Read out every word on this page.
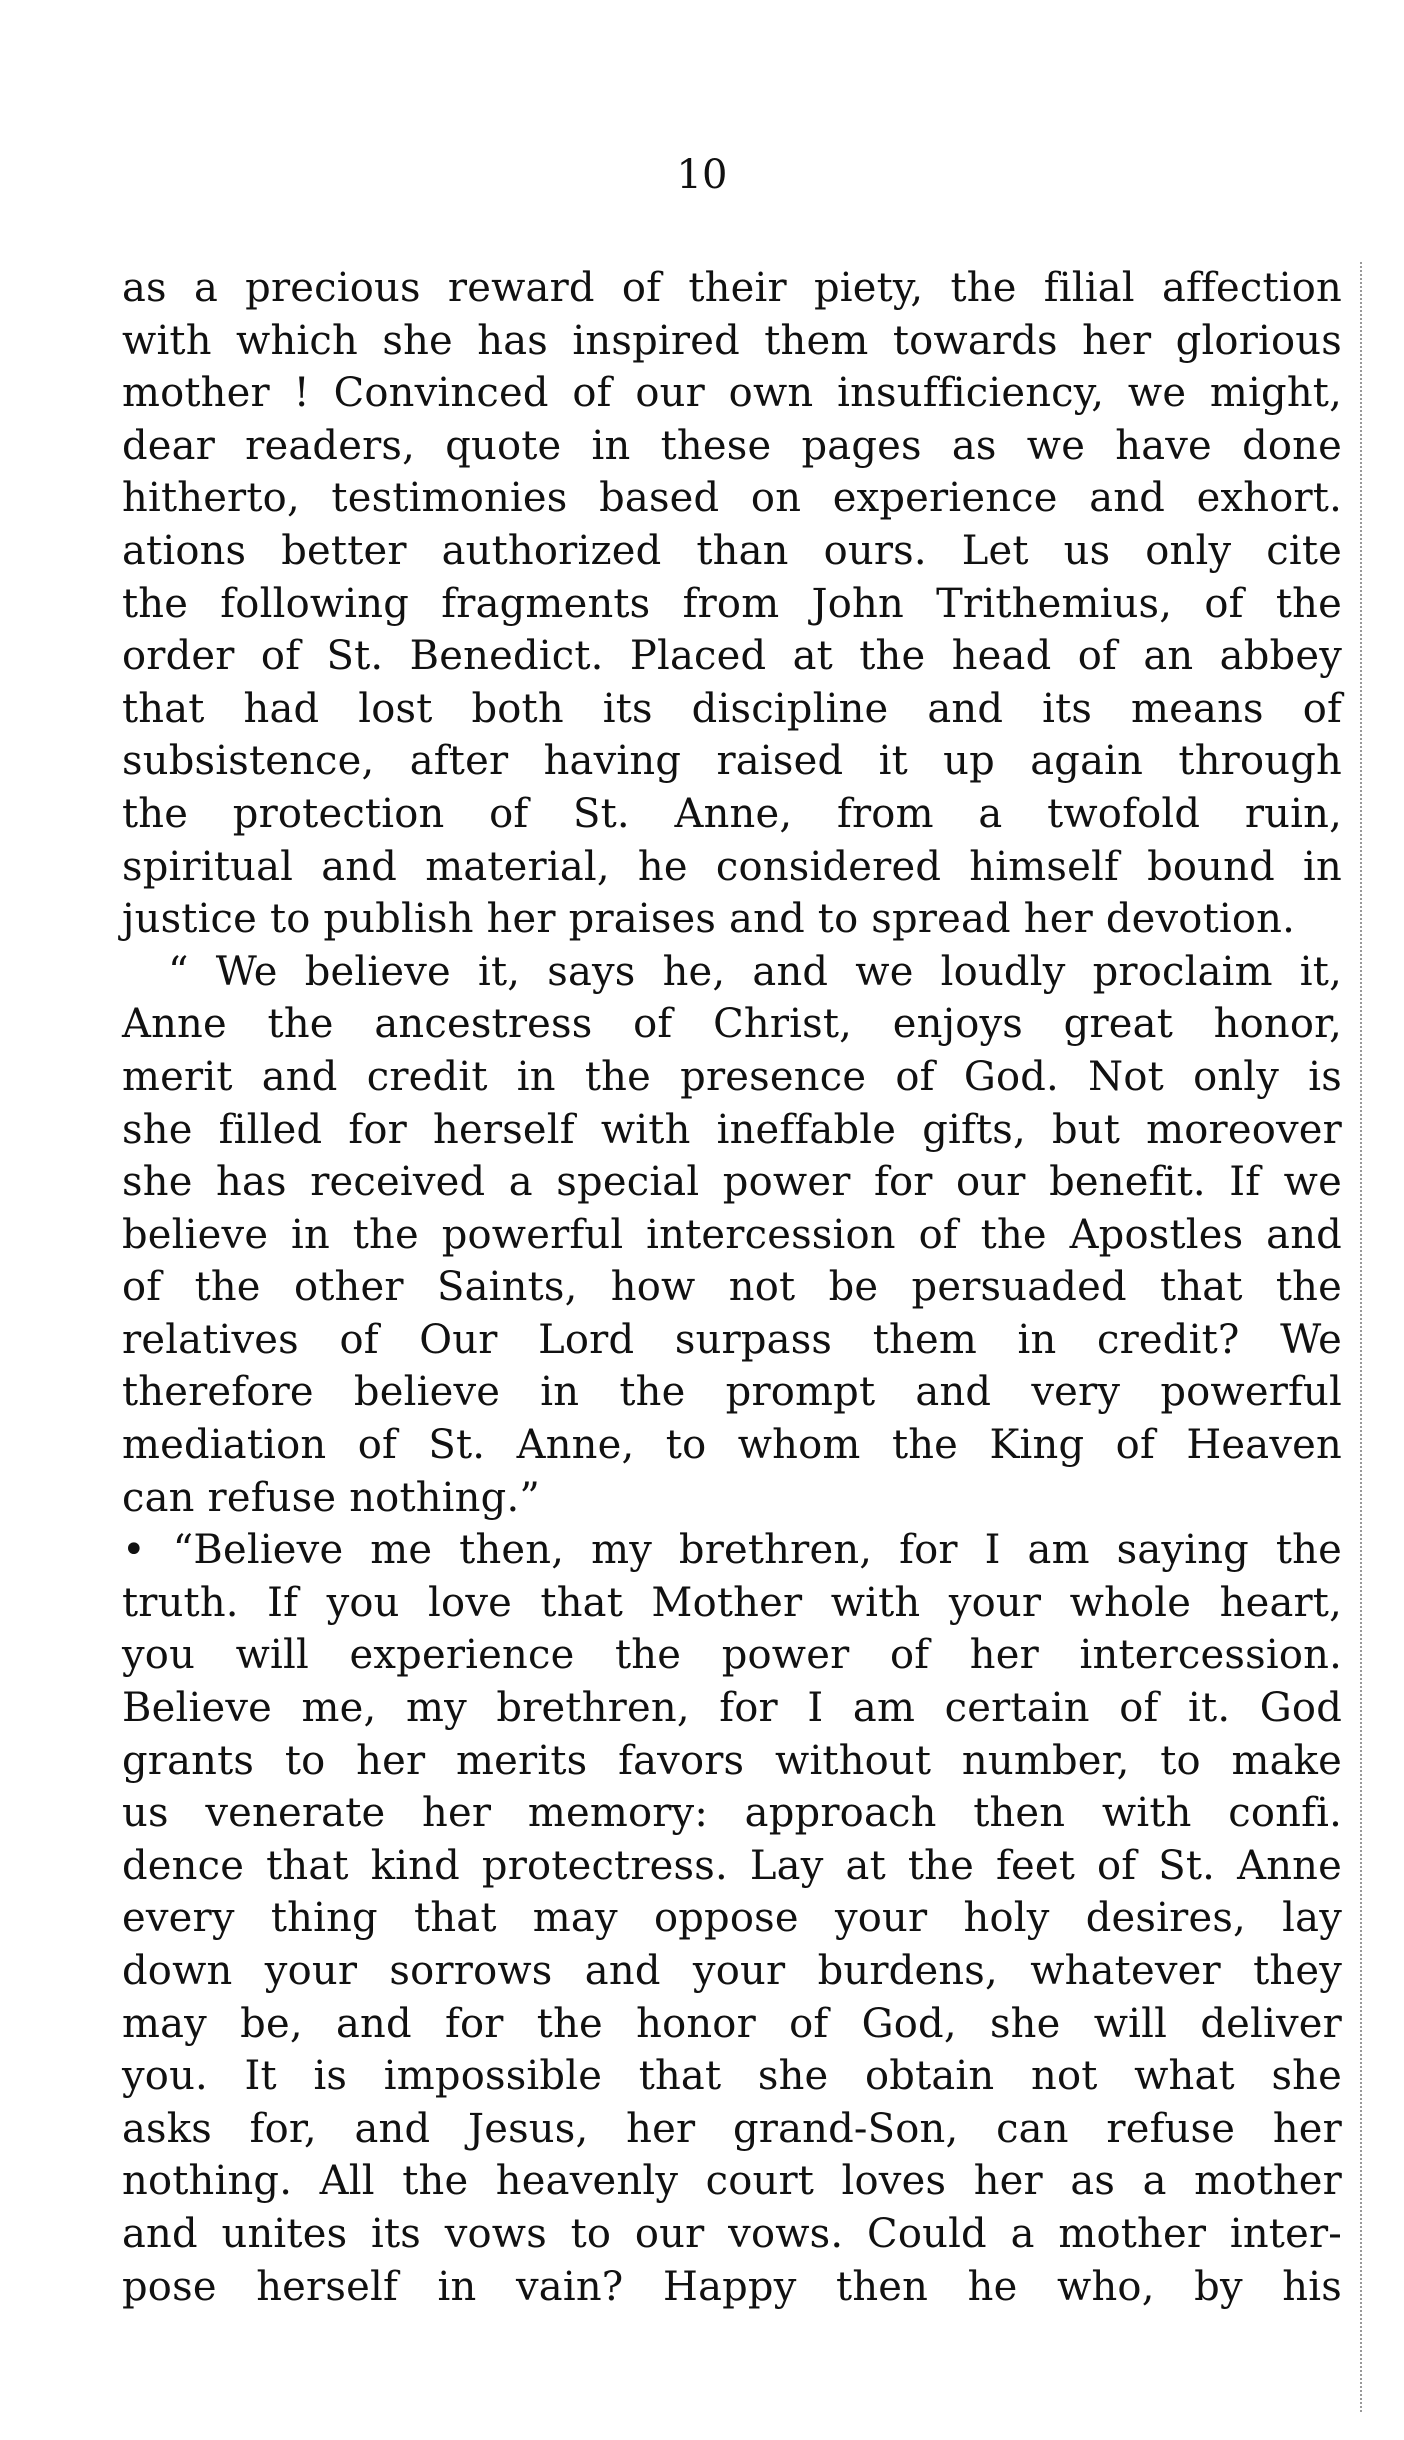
10
as a precious reward of their piety, the filial affection
with which she has inspired them towards her glorious
mother ! Convinced of our own insufficiency, we might,
dear readers, quote in these pages as we have done
hitherto, testimonies based on experience and exhort.
ations better authorized than ours. Let us only cite
the following fragments from John Trithemius, of the
order of St. Benedict. Placed at the head of an abbey
that had lost both its discipline and its means of
subsistence, after having raised it up again through
the protection of St. Anne, from a twofold ruin,
spiritual and material, he considered himself bound in
justice to publish her praises and to spread her devotion.
“ We believe it, says he, and we loudly proclaim it,
Anne the ancestress of Christ, enjoys great honor,
merit and credit in the presence of God. Not only is
she filled for herself with ineffable gifts, but moreover
she has received a special power for our benefit. If we
believe in the powerful intercession of the Apostles and
of the other Saints, how not be persuaded that the
relatives of Our Lord surpass them in credit? We
therefore believe in the prompt and very powerful
mediation of St. Anne, to whom the King of Heaven
can refuse nothing.”
• “Believe me then, my brethren, for I am saying the
truth. If you love that Mother with your whole heart,
you will experience the power of her intercession.
Believe me, my brethren, for I am certain of it. God
grants to her merits favors without number, to make
us venerate her memory: approach then with confi.
dence that kind protectress. Lay at the feet of St. Anne
every thing that may oppose your holy desires, lay
down your sorrows and your burdens, whatever they
may be, and for the honor of God, she will deliver
you. It is impossible that she obtain not what she
asks for, and Jesus, her grand-Son, can refuse her
nothing. All the heavenly court loves her as a mother
and unites its vows to our vows. Could a mother inter-
pose herself in vain? Happy then he who, by his
